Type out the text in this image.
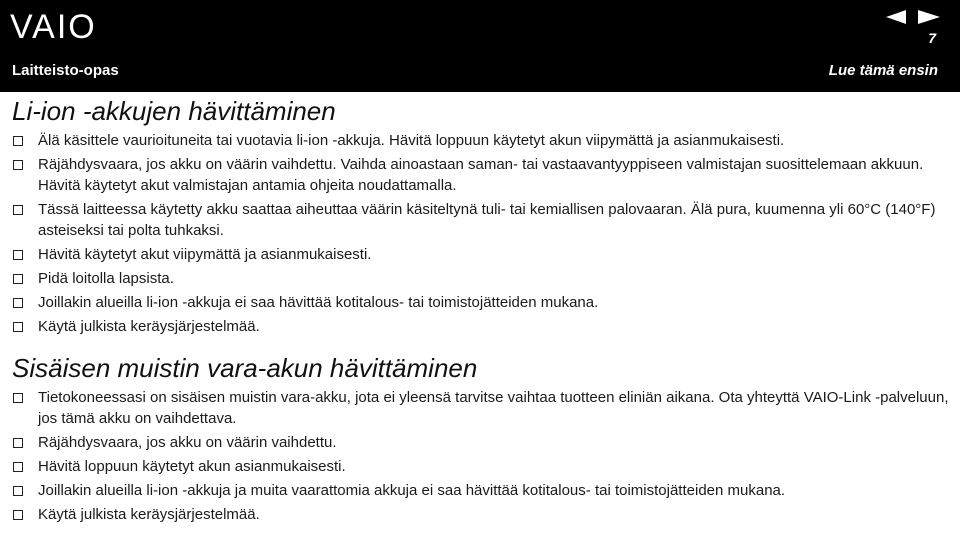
VAIO	7
Laitteisto-opas	Lue tämä ensin
Li-ion -akkujen hävittäminen
Älä käsittele vaurioituneita tai vuotavia li-ion -akkuja. Hävitä loppuun käytetyt akun viipymättä ja asianmukaisesti.
Räjähdysvaara, jos akku on väärin vaihdettu. Vaihda ainoastaan saman- tai vastaavantyyppiseen valmistajan suosittelemaan akkuun. Hävitä käytetyt akut valmistajan antamia ohjeita noudattamalla.
Tässä laitteessa käytetty akku saattaa aiheuttaa väärin käsiteltynä tuli- tai kemiallisen palovaaran. Älä pura, kuumenna yli 60°C (140°F) asteiseksi tai polta tuhkaksi.
Hävitä käytetyt akut viipymättä ja asianmukaisesti.
Pidä loitolla lapsista.
Joillakin alueilla li-ion -akkuja ei saa hävittää kotitalous- tai toimistojätteiden mukana.
Käytä julkista keräysjärjestelmää.
Sisäisen muistin vara-akun hävittäminen
Tietokoneessasi on sisäisen muistin vara-akku, jota ei yleensä tarvitse vaihtaa tuotteen eliniän aikana. Ota yhteyttä VAIO-Link -palveluun, jos tämä akku on vaihdettava.
Räjähdysvaara, jos akku on väärin vaihdettu.
Hävitä loppuun käytetyt akun asianmukaisesti.
Joillakin alueilla li-ion -akkuja ja muita vaarattomia akkuja ei saa hävittää kotitalous- tai toimistojätteiden mukana.
Käytä julkista keräysjärjestelmää.
